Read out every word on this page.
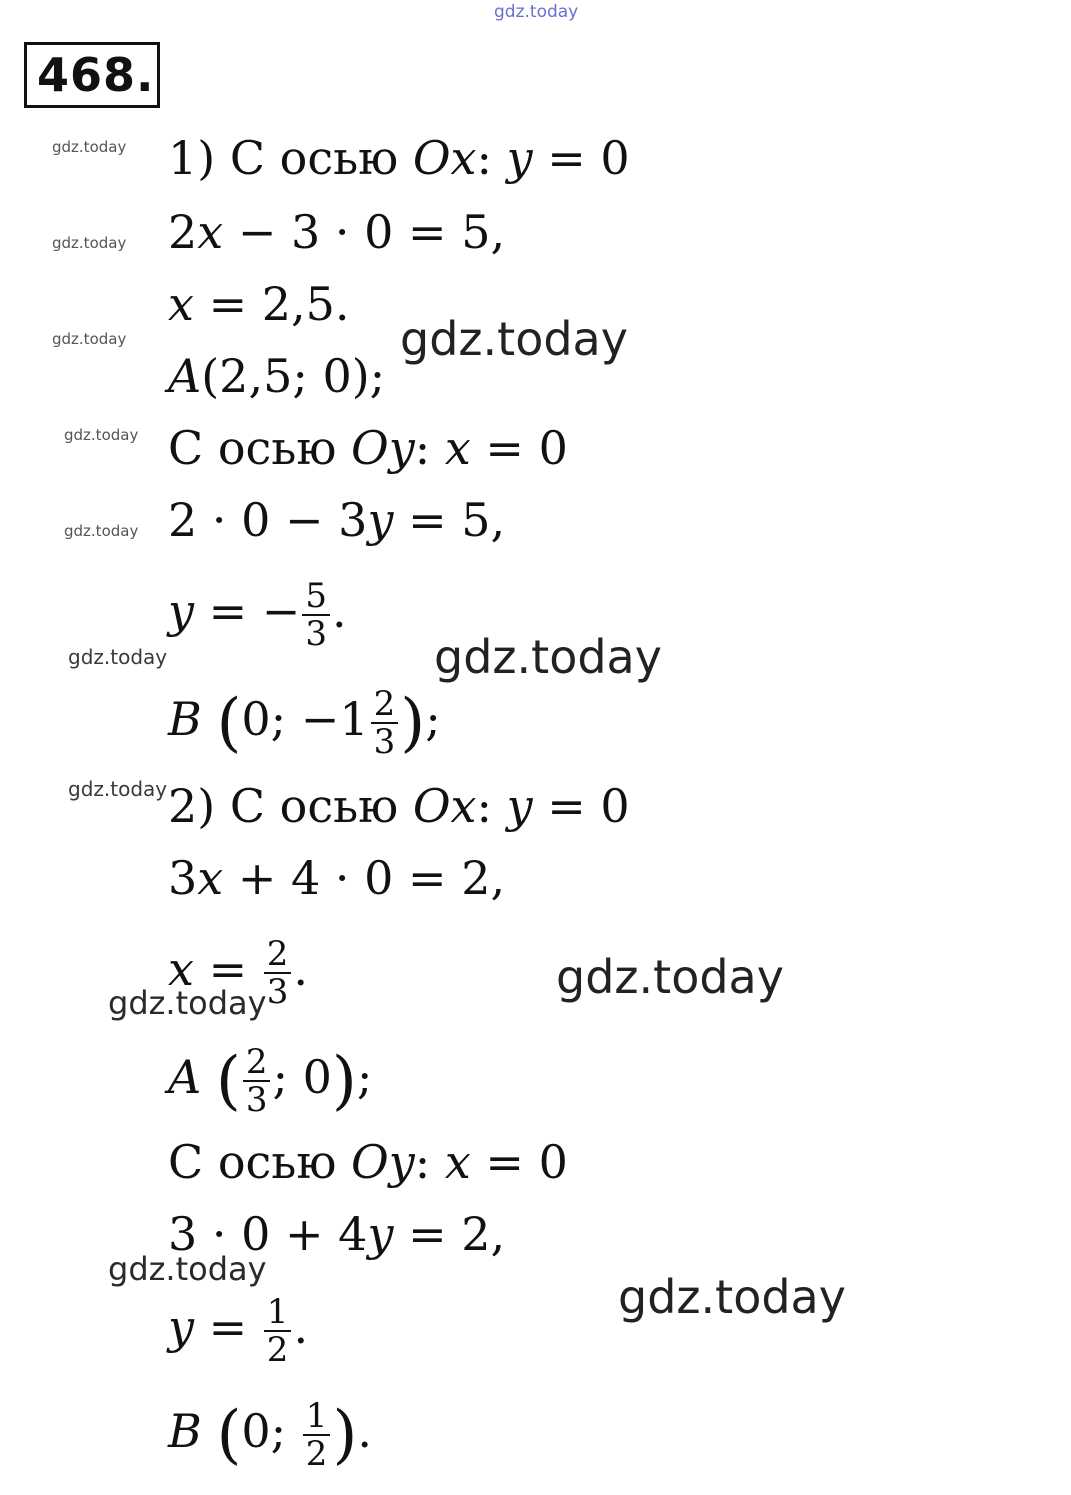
gdz.today
468.
gdz.today
gdz.today
gdz.today
gdz.today
gdz.today
gdz.today
gdz.today
gdz.today
gdz.today
gdz.today
gdz.today
gdz.today
gdz.today
1) С осью Ox: y = 0
2x − 3 · 0 = 5,
x = 2,5.
A(2,5; 0);
С осью Oy: x = 0
2 · 0 − 3y = 5,
y = − $\frac{5}{3}$ .
B (0; $-1 \frac{2}{3}$ );
2) С осью Ox: y = 0
3x + 4 · 0 = 2,
$x = \frac{2}{3}$ .
A ( $\frac{2}{3}$ ; 0);
С осью Oy: x = 0
3 · 0 + 4y = 2,
$y = \frac{1}{2}$ .
B (0; $\frac{1}{2}$ ).
